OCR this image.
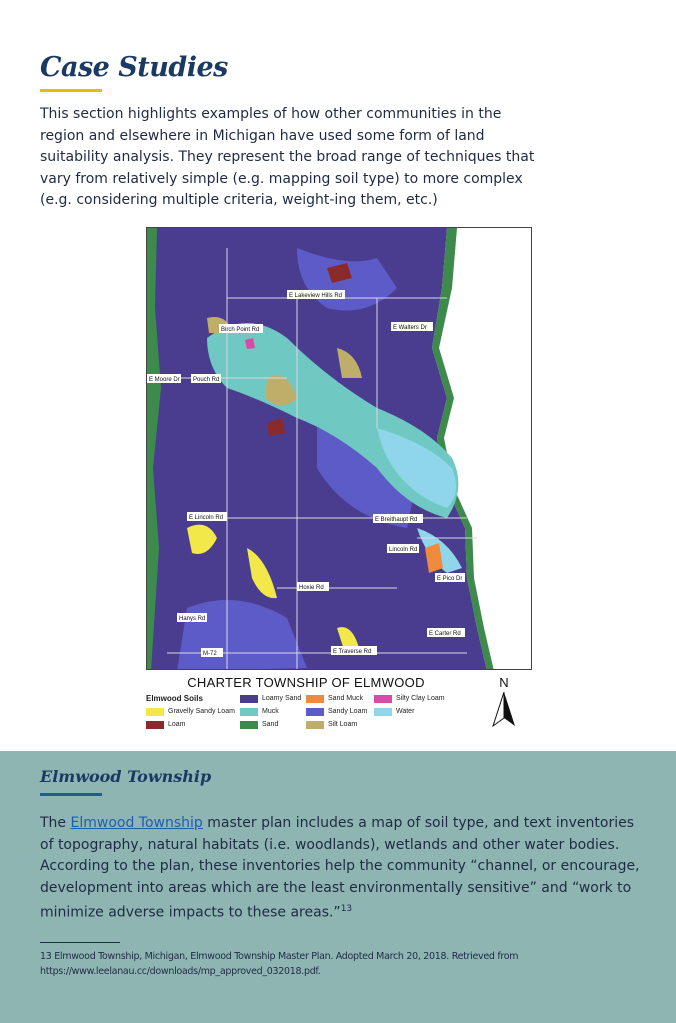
Case Studies

This section highlights examples of how other communities in the region and elsewhere in Michigan have used some form of land suitability analysis. They represent the broad range of techniques that vary from relatively simple (e.g. mapping soil type) to more complex (e.g. considering multiple criteria, weight-ing them, etc.)

E Lakeview Hills Rd
Birch Point Rd
E Moore Dr Pouch Rd
E Lincoln Rd
Hoxie Rd
Hanys Rd
M-72	E Traverse Rd
E Carter Rd
Lincoln Rd
E Pico Dr
E Breithaupt Rd
E Walters Dr
CHARTER TOWNSHIP OF ELMWOOD	N
Elmwood Soils	Loamy Sand	Sand Muck	Silty Clay Loam
Gravelly Sandy Loam	Muck	Sandy Loam	Water
Loam	Sand	Silt Loam
Elmwood Township

The Elmwood Township master plan includes a map of soil type, and text inventories of topography, natural habitats (i.e. woodlands), wetlands and other water bodies. According to the plan, these inventories help the community “channel, or encourage, development into areas which are the least environmentally sensitive” and “work to minimize adverse impacts to these areas.”$^{13}$

13 Elmwood Township, Michigan, Elmwood Township Master Plan. Adopted March 20, 2018. Retrieved from https://www.leelanau.cc/downloads/mp_approved_032018.pdf.
